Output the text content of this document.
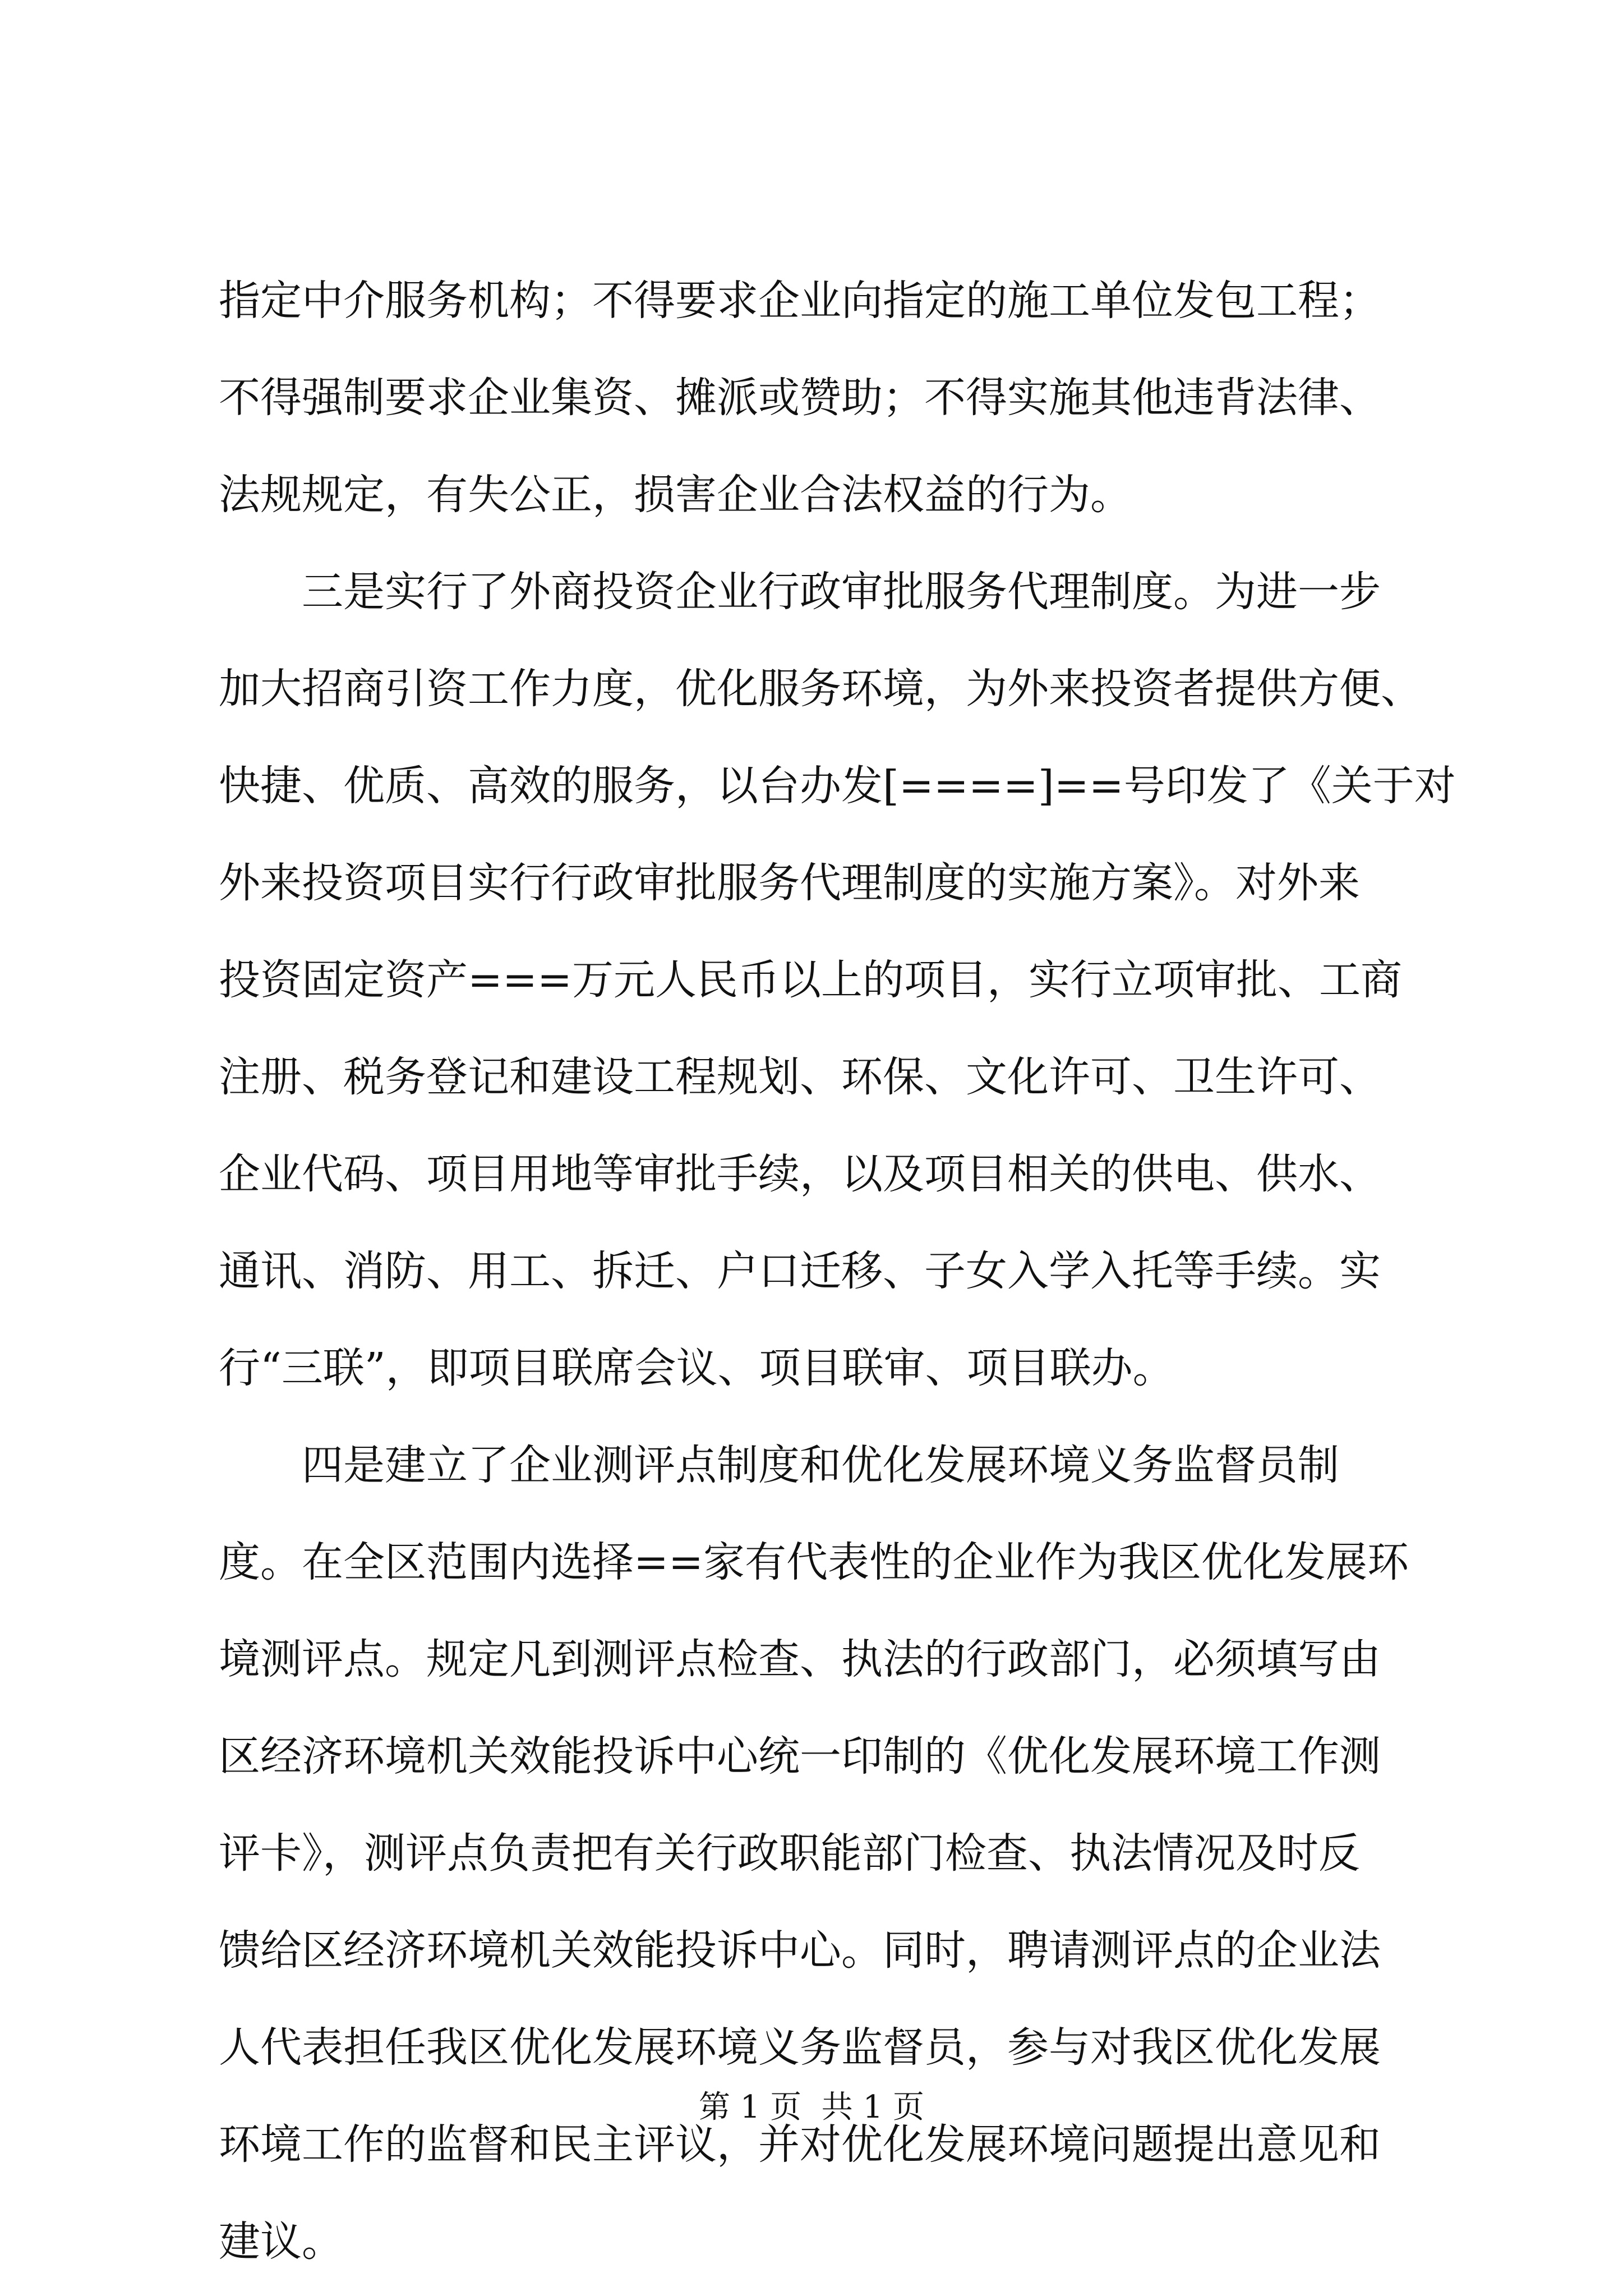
指定中介服务机构；不得要求企业向指定的施工单位发包工程；
不得强制要求企业集资、摊派或赞助；不得实施其他违背法律、
法规规定，有失公正，损害企业合法权益的行为。
三是实行了外商投资企业行政审批服务代理制度。为进一步
加大招商引资工作力度，优化服务环境，为外来投资者提供方便、
快捷、优质、高效的服务，以台办发[====]==号印发了《关于对
外来投资项目实行行政审批服务代理制度的实施方案》。对外来
投资固定资产===万元人民币以上的项目，实行立项审批、工商
注册、税务登记和建设工程规划、环保、文化许可、卫生许可、
企业代码、项目用地等审批手续，以及项目相关的供电、供水、
通讯、消防、用工、拆迁、户口迁移、子女入学入托等手续。实
行“三联”，即项目联席会议、项目联审、项目联办。
四是建立了企业测评点制度和优化发展环境义务监督员制
度。在全区范围内选择==家有代表性的企业作为我区优化发展环
境测评点。规定凡到测评点检查、执法的行政部门，必须填写由
区经济环境机关效能投诉中心统一印制的《优化发展环境工作测
评卡》，测评点负责把有关行政职能部门检查、执法情况及时反
馈给区经济环境机关效能投诉中心。同时，聘请测评点的企业法
人代表担任我区优化发展环境义务监督员，参与对我区优化发展
环境工作的监督和民主评议，并对优化发展环境问题提出意见和
建议。
第 1 页  共 1 页
